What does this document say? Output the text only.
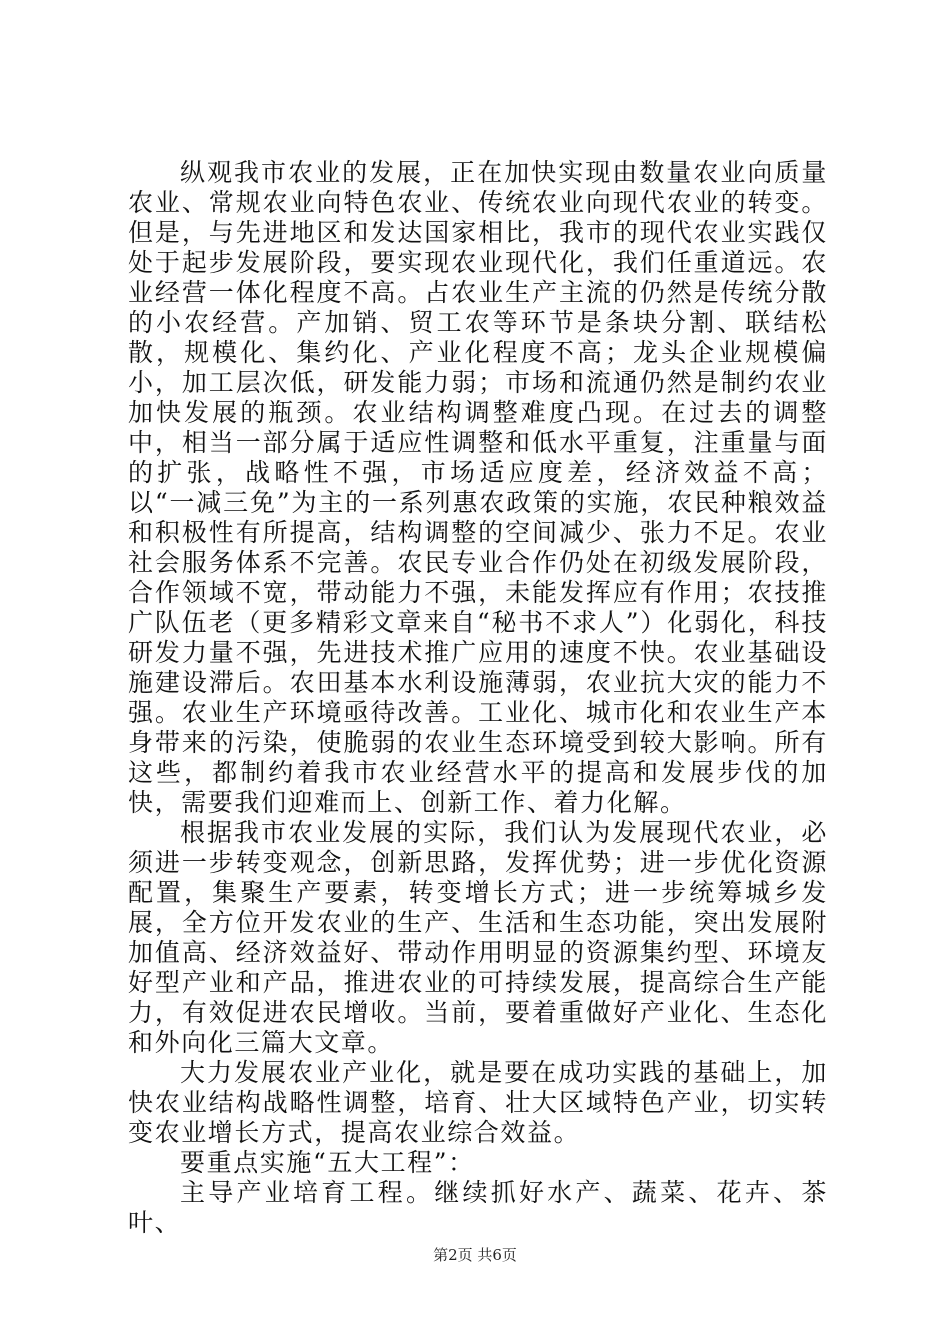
纵观我市农业的发展，正在加快实现由数量农业向质量农业、常规农业向特色农业、传统农业向现代农业的转变。但是，与先进地区和发达国家相比，我市的现代农业实践仅处于起步发展阶段，要实现农业现代化，我们任重道远。农业经营一体化程度不高。占农业生产主流的仍然是传统分散的小农经营。产加销、贸工农等环节是条块分割、联结松散，规模化、集约化、产业化程度不高；龙头企业规模偏小，加工层次低，研发能力弱；市场和流通仍然是制约农业加快发展的瓶颈。农业结构调整难度凸现。在过去的调整中，相当一部分属于适应性调整和低水平重复，注重量与面的扩张，战略性不强，市场适应度差，经济效益不高；以“一减三免”为主的一系列惠农政策的实施，农民种粮效益和积极性有所提高，结构调整的空间减少、张力不足。农业社会服务体系不完善。农民专业合作仍处在初级发展阶段，合作领域不宽，带动能力不强，未能发挥应有作用；农技推广队伍老（更多精彩文章来自“秘书不求人”）化弱化，科技研发力量不强，先进技术推广应用的速度不快。农业基础设施建设滞后。农田基本水利设施薄弱，农业抗大灾的能力不强。农业生产环境亟待改善。工业化、城市化和农业生产本身带来的污染，使脆弱的农业生态环境受到较大影响。所有这些，都制约着我市农业经营水平的提高和发展步伐的加快，需要我们迎难而上、创新工作、着力化解。

根据我市农业发展的实际，我们认为发展现代农业，必须进一步转变观念，创新思路，发挥优势；进一步优化资源配置，集聚生产要素，转变增长方式；进一步统筹城乡发展，全方位开发农业的生产、生活和生态功能，突出发展附加值高、经济效益好、带动作用明显的资源集约型、环境友好型产业和产品，推进农业的可持续发展，提高综合生产能力，有效促进农民增收。当前，要着重做好产业化、生态化和外向化三篇大文章。

大力发展农业产业化，就是要在成功实践的基础上，加快农业结构战略性调整，培育、壮大区域特色产业，切实转变农业增长方式，提高农业综合效益。

要重点实施“五大工程”：

主导产业培育工程。继续抓好水产、蔬菜、花卉、茶叶、

第2页 共6页
